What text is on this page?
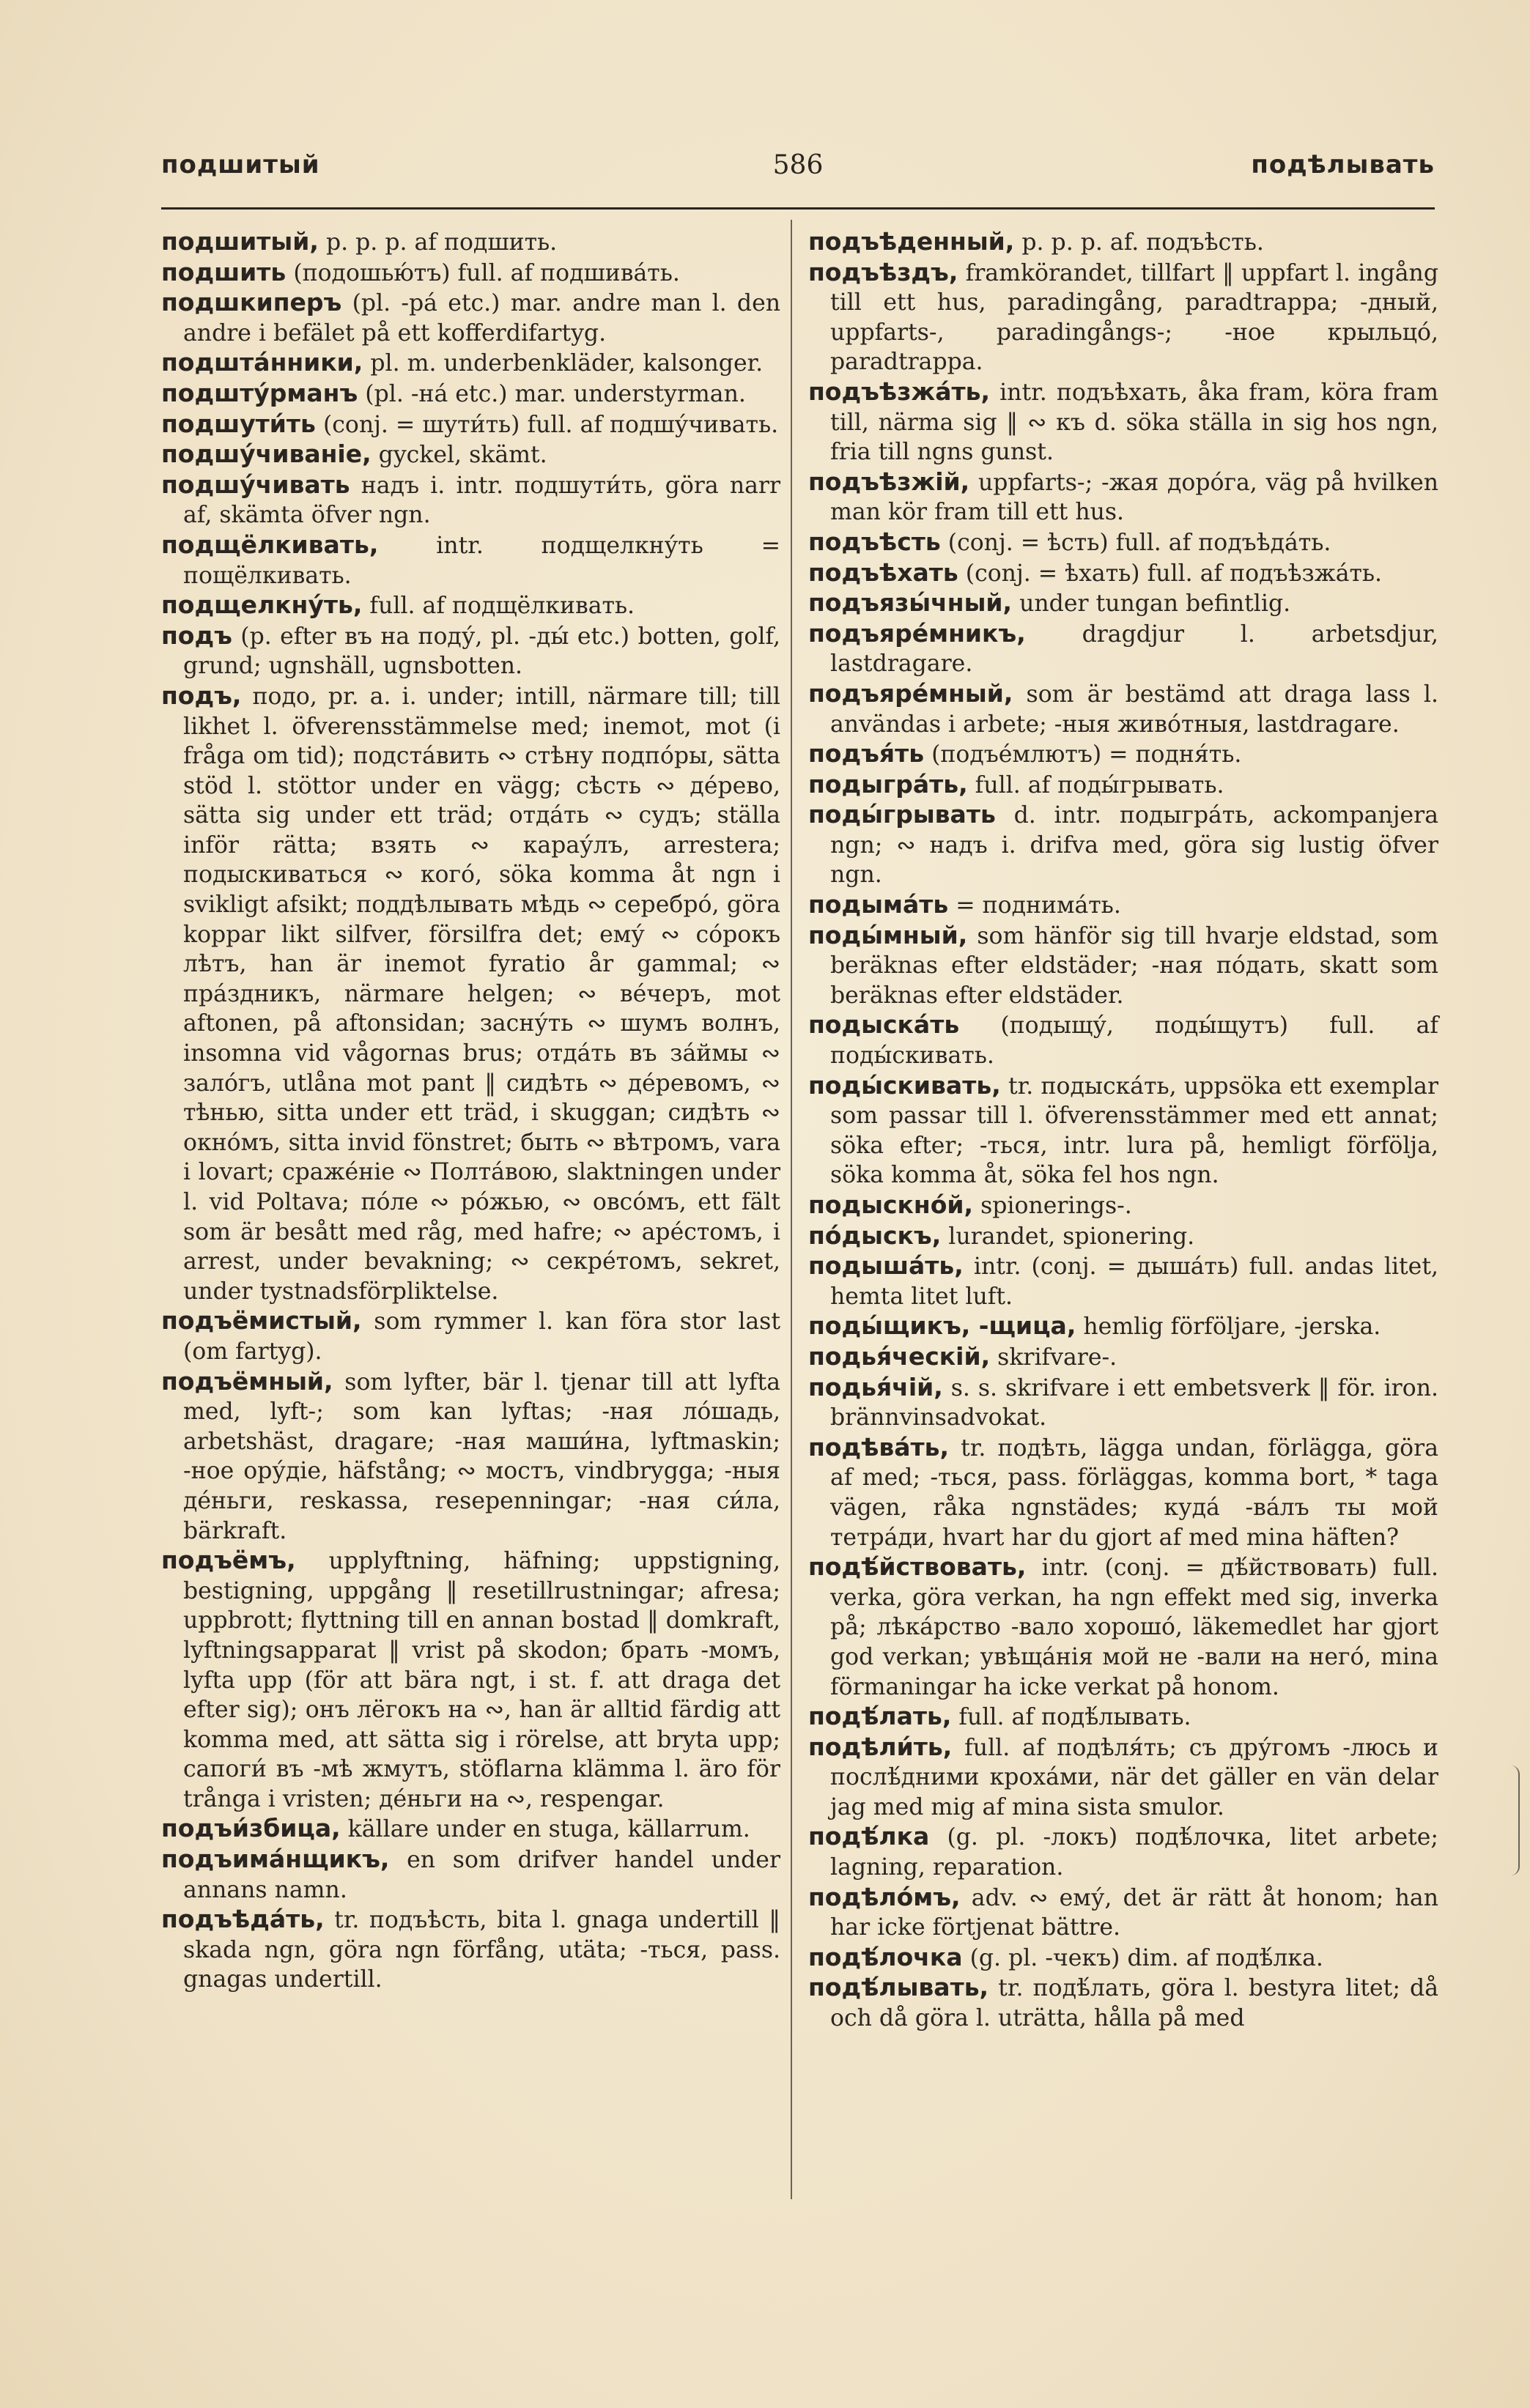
подшитый	586	подѣлывать

подшитый, p. p. p. af подшить.

подшить (подошью́тъ) full. af подшива́ть.

подшкиперъ (pl. -ра́ etc.) mar. andre man l. den andre i befälet på ett kofferdifartyg.

подшта́нники, pl. m. underbenkläder, kalsonger.

подшту́рманъ (pl. -на́ etc.) mar. understyrman.

подшути́ть (conj. = шути́ть) full. af подшу́чивать.

подшу́чиваніе, gyckel, skämt.

подшу́чивать надъ i. intr. подшути́ть, göra narr af, skämta öfver ngn.

подщёлкивать,	intr. подщелкну́ть = пощёлкивать.

подщелкну́ть, full. af подщёлкивать.

подъ (p. efter въ на поду́, pl. -ды́ etc.) botten, golf, grund; ugnshäll, ugnsbotten.

подъ, подо, pr. a. i. under; intill, närmare till; till likhet l. öfverensstämmelse med; inemot, mot (i fråga om tid); подста́вить ∾ стѣну подпо́ры, sätta stöd l. stöttor under en vägg; сѣсть ∾ де́рево, sätta sig under ett träd; отда́ть ∾ судъ; ställa inför rätta; взять ∾ карау́лъ, arrestera; подыскиваться ∾ кого́, söka komma åt ngn i svikligt afsikt; поддѣлывать мѣдь ∾ серебро́, göra koppar likt silfver, försilfra det; ему́ ∾ со́рокъ лѣтъ, han är inemot fyratio år gammal; ∾ пра́здникъ, närmare helgen; ∾ ве́черъ, mot aftonen, på aftonsidan; засну́ть ∾ шумъ волнъ, insomna vid vågornas brus; отда́ть въ за́ймы ∾ зало́гъ, utlåna mot pant ‖ сидѣть ∾ де́ревомъ, ∾ тѣнью, sitta under ett träd, i skuggan; сидѣть ∾ окно́мъ, sitta invid fönstret; быть ∾ вѣтромъ, vara i lovart; сраже́ніе ∾ Полта́вою, slaktningen under l. vid Poltava; по́ле ∾ ро́жью, ∾ овсо́мъ, ett fält som är besått med råg, med hafre; ∾ аре́стомъ, i arrest, under bevakning; ∾ секре́томъ, sekret, under tystnadsförpliktelse.

подъёмистый, som rymmer l. kan föra stor last (om fartyg).

подъёмный, som lyfter, bär l. tjenar till att lyfta med, lyft-; som kan lyftas; -ная ло́шадь, arbetshäst, dragare; -ная маши́на, lyftmaskin; -ное ору́діе, häfstång; ∾ мостъ, vindbrygga; -ныя де́ньги, reskassa, resepenningar; -ная си́ла, bärkraft.

подъёмъ, upplyftning, häfning; uppstigning, bestigning, uppgång ‖ resetillrustningar; afresa; uppbrott; flyttning till en annan bostad ‖ domkraft, lyftningsapparat ‖ vrist på skodon; брать -момъ, lyfta upp (för att bära ngt, i st. f. att draga det efter sig); онъ лёгокъ на ∾, han är alltid färdig att komma med, att sätta sig i rörelse, att bryta upp; сапоги́ въ -мѣ жмутъ, stöflarna klämma l. äro för trånga i vristen; де́ньги на ∾, respengar.

подъи́збица, källare under en stuga, källarrum.

подъима́нщикъ, en som drifver handel under annans namn.

подъѣда́ть, tr. подъѣсть, bita l. gnaga undertill ‖ skada ngn, göra ngn förfång, utäta; -ться, pass. gnagas undertill.

подъѣденный, p. p. p. af. подъѣсть.

подъѣздъ, framkörandet, tillfart ‖ uppfart l. ingång till ett hus, paradingång, paradtrappa; -дный, uppfarts-, paradingångs-; -ное крыльцо́, paradtrappa.

подъѣзжа́ть, intr. подъѣхать, åka fram, köra fram till, närma sig ‖ ∾ къ d. söka ställa in sig hos ngn, fria till ngns gunst.

подъѣзжій, uppfarts-; -жая доро́га, väg på hvilken man kör fram till ett hus.

подъѣсть (conj. = ѣсть) full. af подъѣда́ть.

подъѣхать (conj. = ѣхать) full. af подъѣзжа́ть.

подъязы́чный, under tungan befintlig.

подъяре́мникъ, dragdjur l. arbetsdjur, lastdragare.

подъяре́мный, som är bestämd att draga lass l. användas i arbete; -ныя живо́тныя, lastdragare.

подъя́ть (подъе́млютъ) = подня́ть.

подыгра́ть, full. af поды́грывать.

поды́грывать d. intr. подыгра́ть, ackompanjera ngn; ∾ надъ i. drifva med, göra sig lustig öfver ngn.

подыма́ть = поднима́ть.

поды́мный, som hänför sig till hvarje eldstad, som beräknas efter eldstäder; -ная по́дать, skatt som beräknas efter eldstäder.

подыска́ть (подыщу́, поды́щутъ) full. af поды́скивать.

поды́скивать, tr. подыска́ть, uppsöka ett exemplar som passar till l. öfverensstämmer med ett annat; söka efter; -ться, intr. lura på, hemligt förfölja, söka komma åt, söka fel hos ngn.

подыскно́й, spionerings-.

по́дыскъ, lurandet, spionering.

подыша́ть, intr. (conj. = дыша́ть) full. andas litet, hemta litet luft.

поды́щикъ, -щица, hemlig förföljare, -jerska.

подья́ческій, skrifvare-.

подья́чій, s. s. skrifvare i ett embetsverk ‖ för. iron. brännvinsadvokat.

подѣва́ть, tr. подѣть, lägga undan, förlägga, göra af med; -ться, pass. förläggas, komma bort, * taga vägen, råka ngnstädes; куда́ -ва́лъ ты мой тетра́ди, hvart har du gjort af med mina häften?

подѣ́йствовать, intr. (conj. = дѣ́йствовать) full. verka, göra verkan, ha ngn effekt med sig, inverka på; лѣка́рство -вало хорошо́, läkemedlet har gjort god verkan; увѣща́нія мой не -вали на него́, mina förmaningar ha icke verkat på honom.

подѣ́лать, full. af подѣ́лывать.

подѣли́ть, full. af подѣля́ть; съ дру́гомъ -люсь и послѣ́дними крохáми, när det gäller en vän delar jag med mig af mina sista smulor.

подѣ́лка (g. pl. -локъ) подѣ́лочка, litet arbete; lagning, reparation.

подѣло́мъ, adv. ∾ ему́, det är rätt åt honom; han har icke förtjenat bättre.

подѣ́лочка (g. pl. -чекъ) dim. af подѣ́лка.

подѣ́лывать, tr. подѣ́лать, göra l. bestyra litet; då och då göra l. uträtta, hålla på med
